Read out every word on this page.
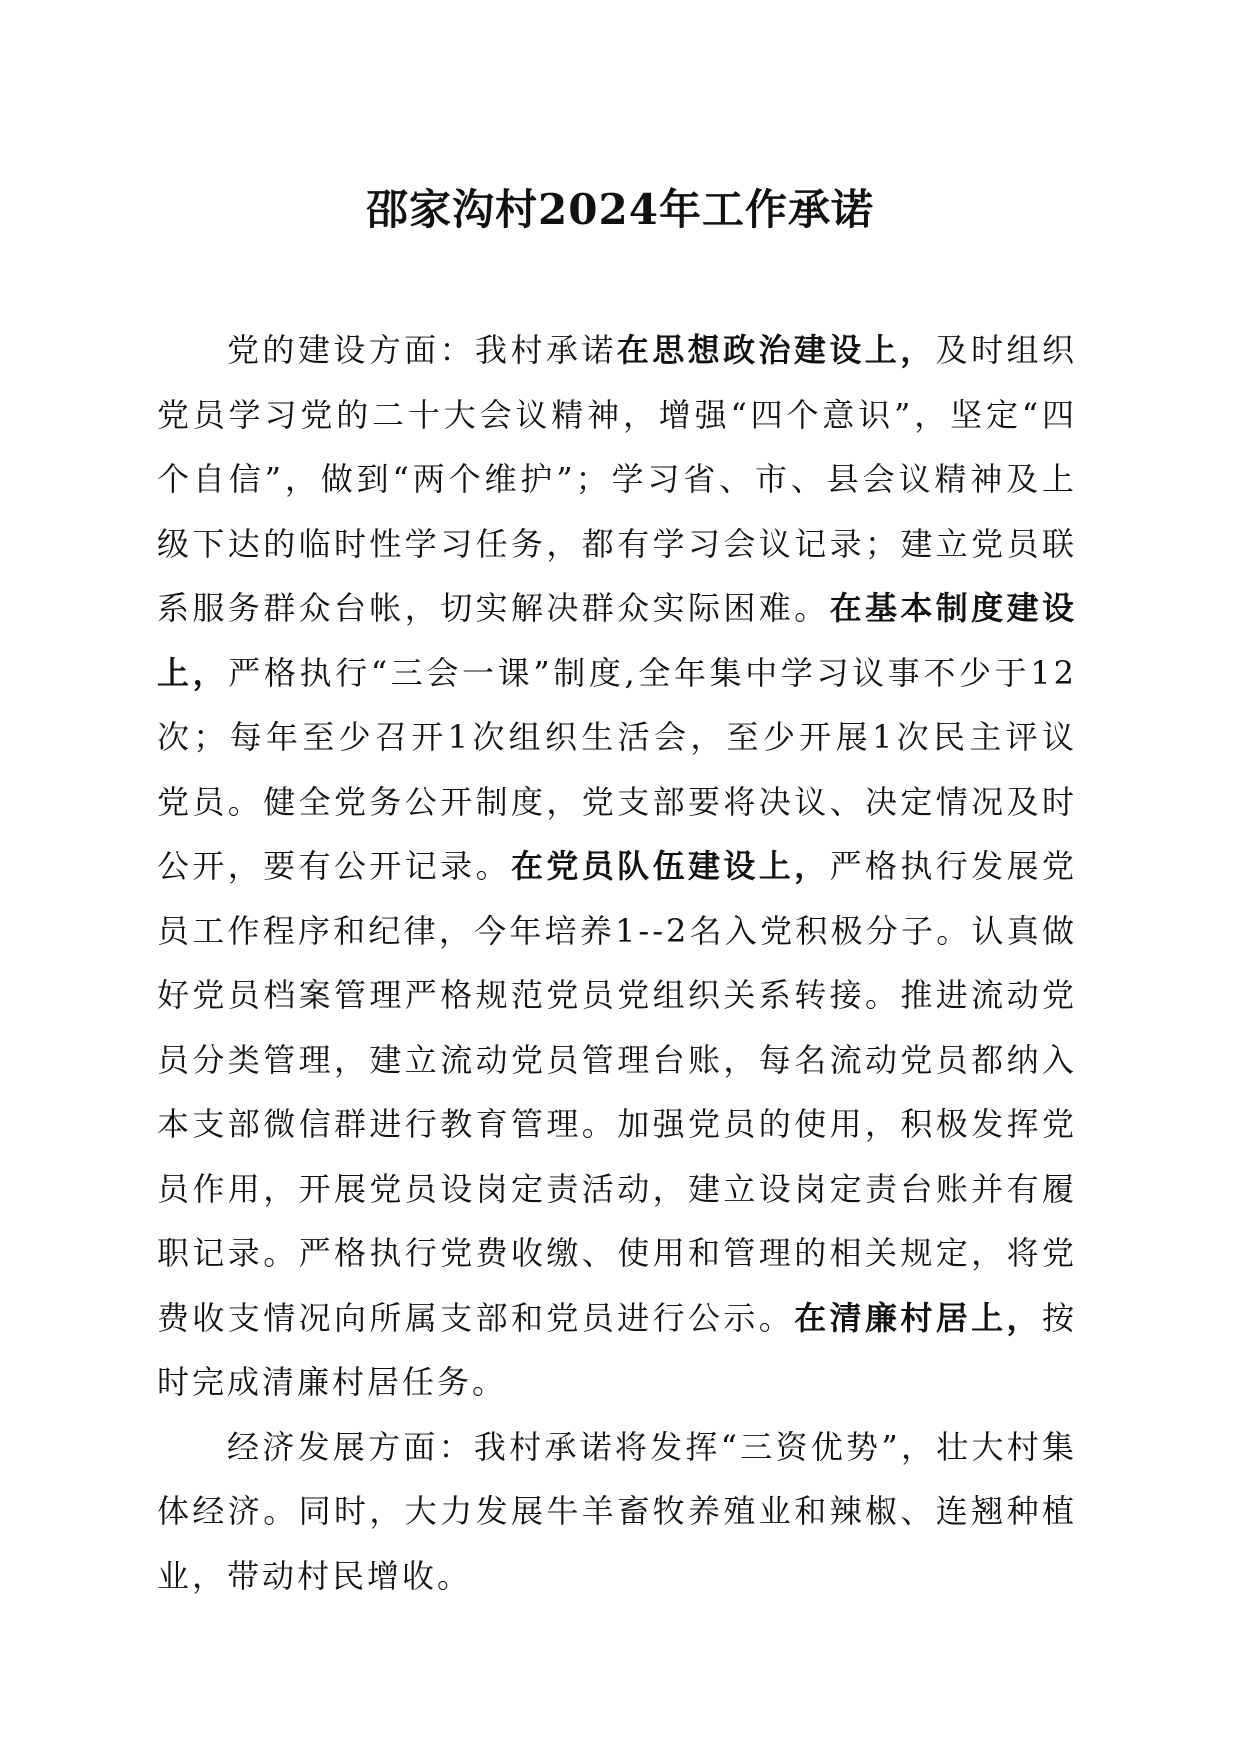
邵家沟村2024年工作承诺

党的建设方面：我村承诺在思想政治建设上，及时组织党员学习党的二十大会议精神，增强“四个意识”，坚定“四个自信”，做到“两个维护”；学习省、市、县会议精神及上级下达的临时性学习任务，都有学习会议记录；建立党员联系服务群众台帐，切实解决群众实际困难。在基本制度建设上，严格执行“三会一课”制度,全年集中学习议事不少于12次；每年至少召开1次组织生活会，至少开展1次民主评议党员。健全党务公开制度，党支部要将决议、决定情况及时公开，要有公开记录。在党员队伍建设上，严格执行发展党员工作程序和纪律，今年培养1--2名入党积极分子。认真做好党员档案管理严格规范党员党组织关系转接。推进流动党员分类管理，建立流动党员管理台账，每名流动党员都纳入本支部微信群进行教育管理。加强党员的使用，积极发挥党员作用，开展党员设岗定责活动，建立设岗定责台账并有履职记录。严格执行党费收缴、使用和管理的相关规定，将党费收支情况向所属支部和党员进行公示。在清廉村居上，按时完成清廉村居任务。

经济发展方面：我村承诺将发挥“三资优势”，壮大村集体经济。同时，大力发展牛羊畜牧养殖业和辣椒、连翘种植业，带动村民增收。
